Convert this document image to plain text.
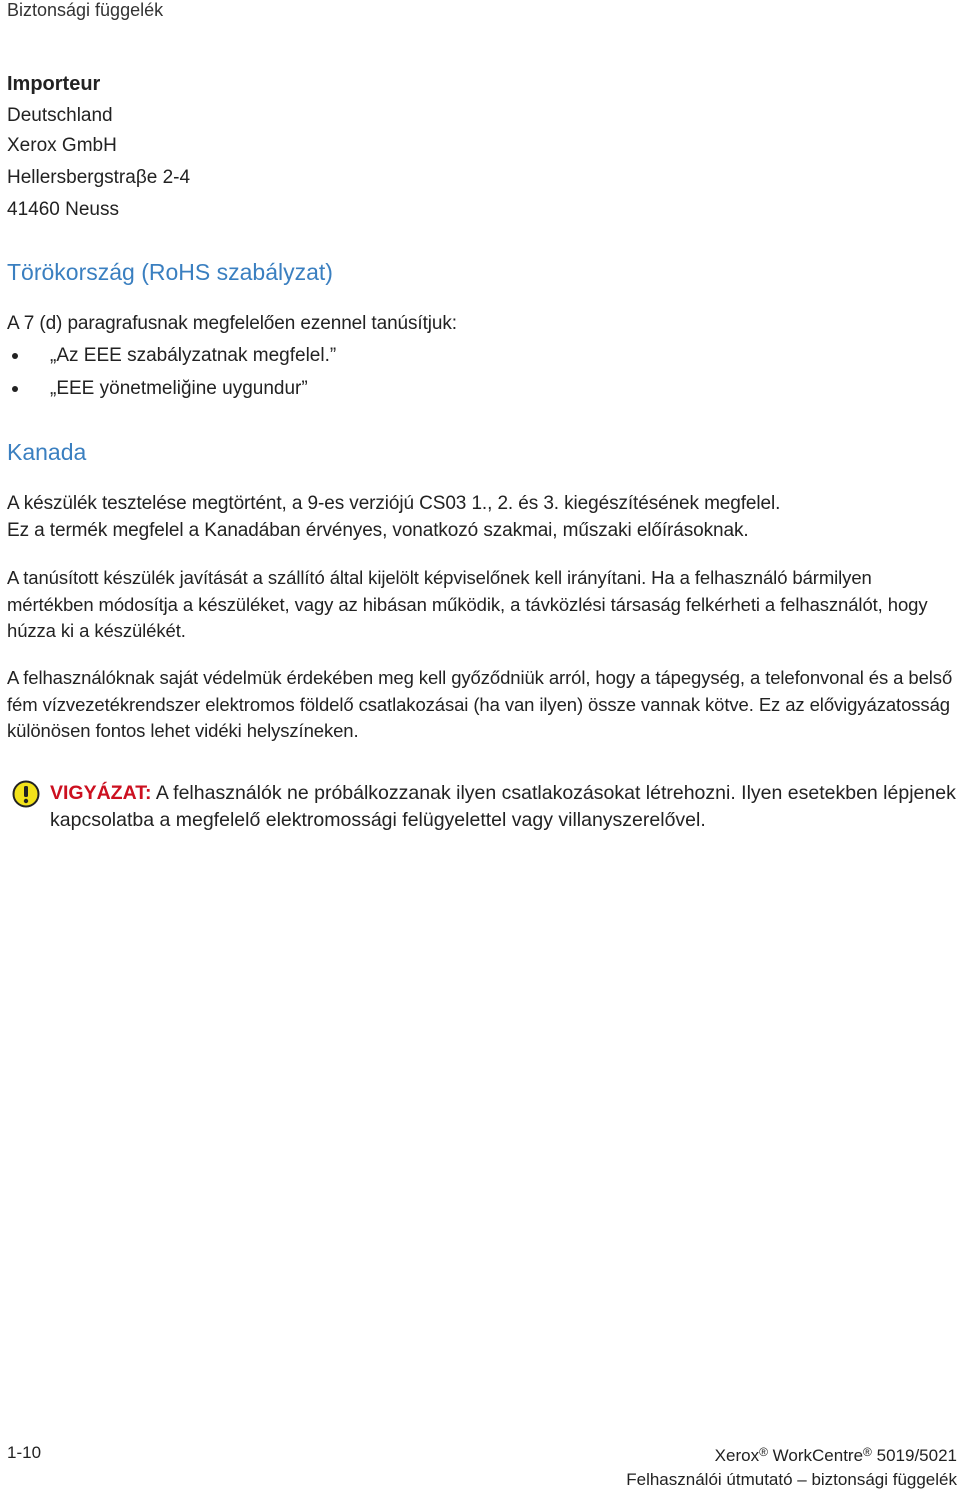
Biztonsági függelék
Importeur
Deutschland
Xerox GmbH
Hellersbergstraβe 2-4
41460 Neuss
Törökország (RoHS szabályzat)
A 7 (d) paragrafusnak megfelelően ezennel tanúsítjuk:
„Az EEE szabályzatnak megfelel.”
„EEE yönetmeliğine uygundur”
Kanada
A készülék tesztelése megtörtént, a 9-es verziójú CS03 1., 2. és 3. kiegészítésének megfelel.
Ez a termék megfelel a Kanadában érvényes, vonatkozó szakmai, műszaki előírásoknak.
A tanúsított készülék javítását a szállító által kijelölt képviselőnek kell irányítani. Ha a felhasználó bármilyen mértékben módosítja a készüléket, vagy az hibásan működik, a távközlési társaság felkérheti a felhasználót, hogy húzza ki a készülékét.
A felhasználóknak saját védelmük érdekében meg kell győződniük arról, hogy a tápegység, a telefonvonal és a belső fém vízvezetékrendszer elektromos földelő csatlakozásai (ha van ilyen) össze vannak kötve. Ez az elővigyázatosság különösen fontos lehet vidéki helyszíneken.
VIGYÁZAT: A felhasználók ne próbálkozzanak ilyen csatlakozásokat létrehozni. Ilyen esetekben lépjenek kapcsolatba a megfelelő elektromossági felügyelettel vagy villanyszerelővel.
1-10	Xerox® WorkCentre® 5019/5021
Felhasználói útmutató – biztonsági függelék
